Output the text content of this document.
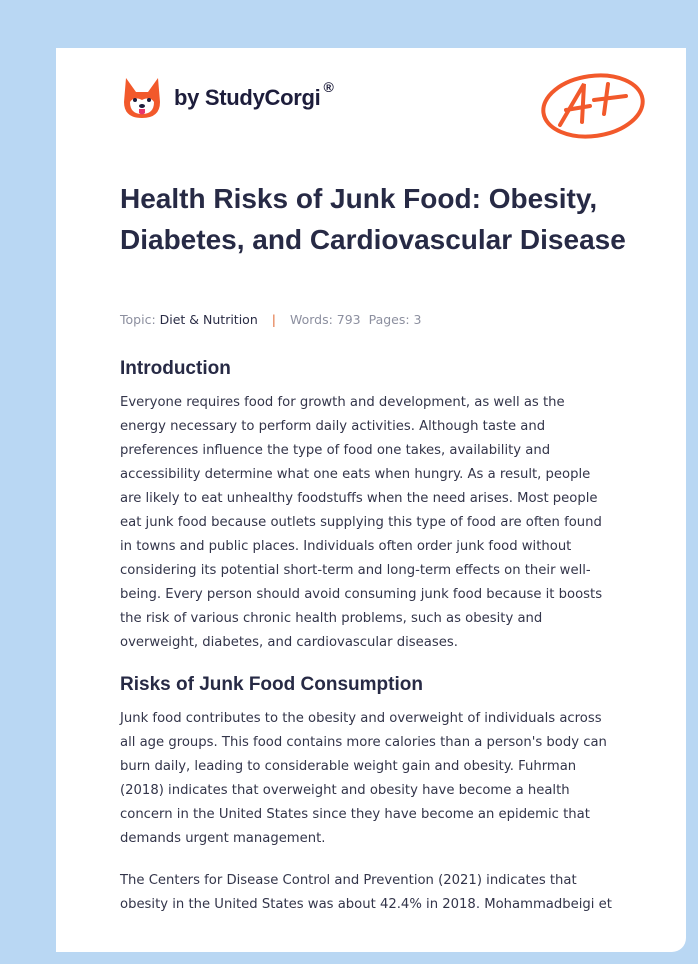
by StudyCorgi ®
Health Risks of Junk Food: Obesity, Diabetes, and Cardiovascular Disease
Topic: Diet & Nutrition | Words: 793 Pages: 3
Introduction

Everyone requires food for growth and development, as well as the
energy necessary to perform daily activities. Although taste and
preferences influence the type of food one takes, availability and
accessibility determine what one eats when hungry. As a result, people
are likely to eat unhealthy foodstuffs when the need arises. Most people
eat junk food because outlets supplying this type of food are often found
in towns and public places. Individuals often order junk food without
considering its potential short-term and long-term effects on their well-
being. Every person should avoid consuming junk food because it boosts
the risk of various chronic health problems, such as obesity and
overweight, diabetes, and cardiovascular diseases.

Risks of Junk Food Consumption

Junk food contributes to the obesity and overweight of individuals across
all age groups. This food contains more calories than a person's body can
burn daily, leading to considerable weight gain and obesity. Fuhrman
(2018) indicates that overweight and obesity have become a health
concern in the United States since they have become an epidemic that
demands urgent management.

The Centers for Disease Control and Prevention (2021) indicates that
obesity in the United States was about 42.4% in 2018. Mohammadbeigi et
